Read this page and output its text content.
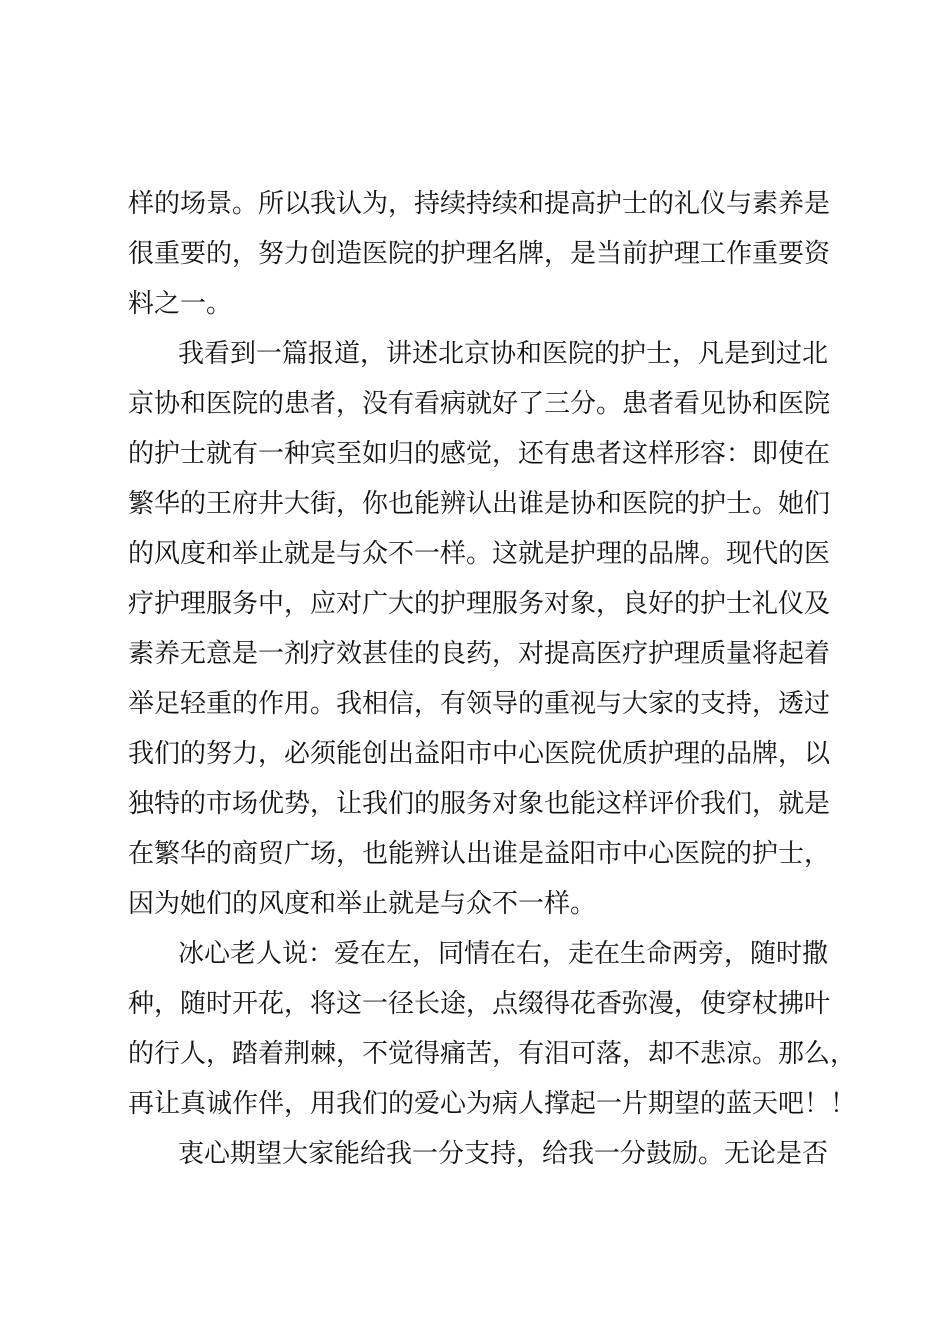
样的场景。所以我认为，持续持续和提高护士的礼仪与素养是
很重要的，努力创造医院的护理名牌，是当前护理工作重要资
料之一。
我看到一篇报道，讲述北京协和医院的护士，凡是到过北
京协和医院的患者，没有看病就好了三分。患者看见协和医院
的护士就有一种宾至如归的感觉，还有患者这样形容：即使在
繁华的王府井大街，你也能辨认出谁是协和医院的护士。她们
的风度和举止就是与众不一样。这就是护理的品牌。现代的医
疗护理服务中，应对广大的护理服务对象，良好的护士礼仪及
素养无意是一剂疗效甚佳的良药，对提高医疗护理质量将起着
举足轻重的作用。我相信，有领导的重视与大家的支持，透过
我们的努力，必须能创出益阳市中心医院优质护理的品牌，以
独特的市场优势，让我们的服务对象也能这样评价我们，就是
在繁华的商贸广场，也能辨认出谁是益阳市中心医院的护士，
因为她们的风度和举止就是与众不一样。
冰心老人说：爱在左，同情在右，走在生命两旁，随时撒
种，随时开花，将这一径长途，点缀得花香弥漫，使穿杖拂叶
的行人，踏着荆棘，不觉得痛苦，有泪可落，却不悲凉。那么，
再让真诚作伴，用我们的爱心为病人撑起一片期望的蓝天吧！！
衷心期望大家能给我一分支持，给我一分鼓励。无论是否
